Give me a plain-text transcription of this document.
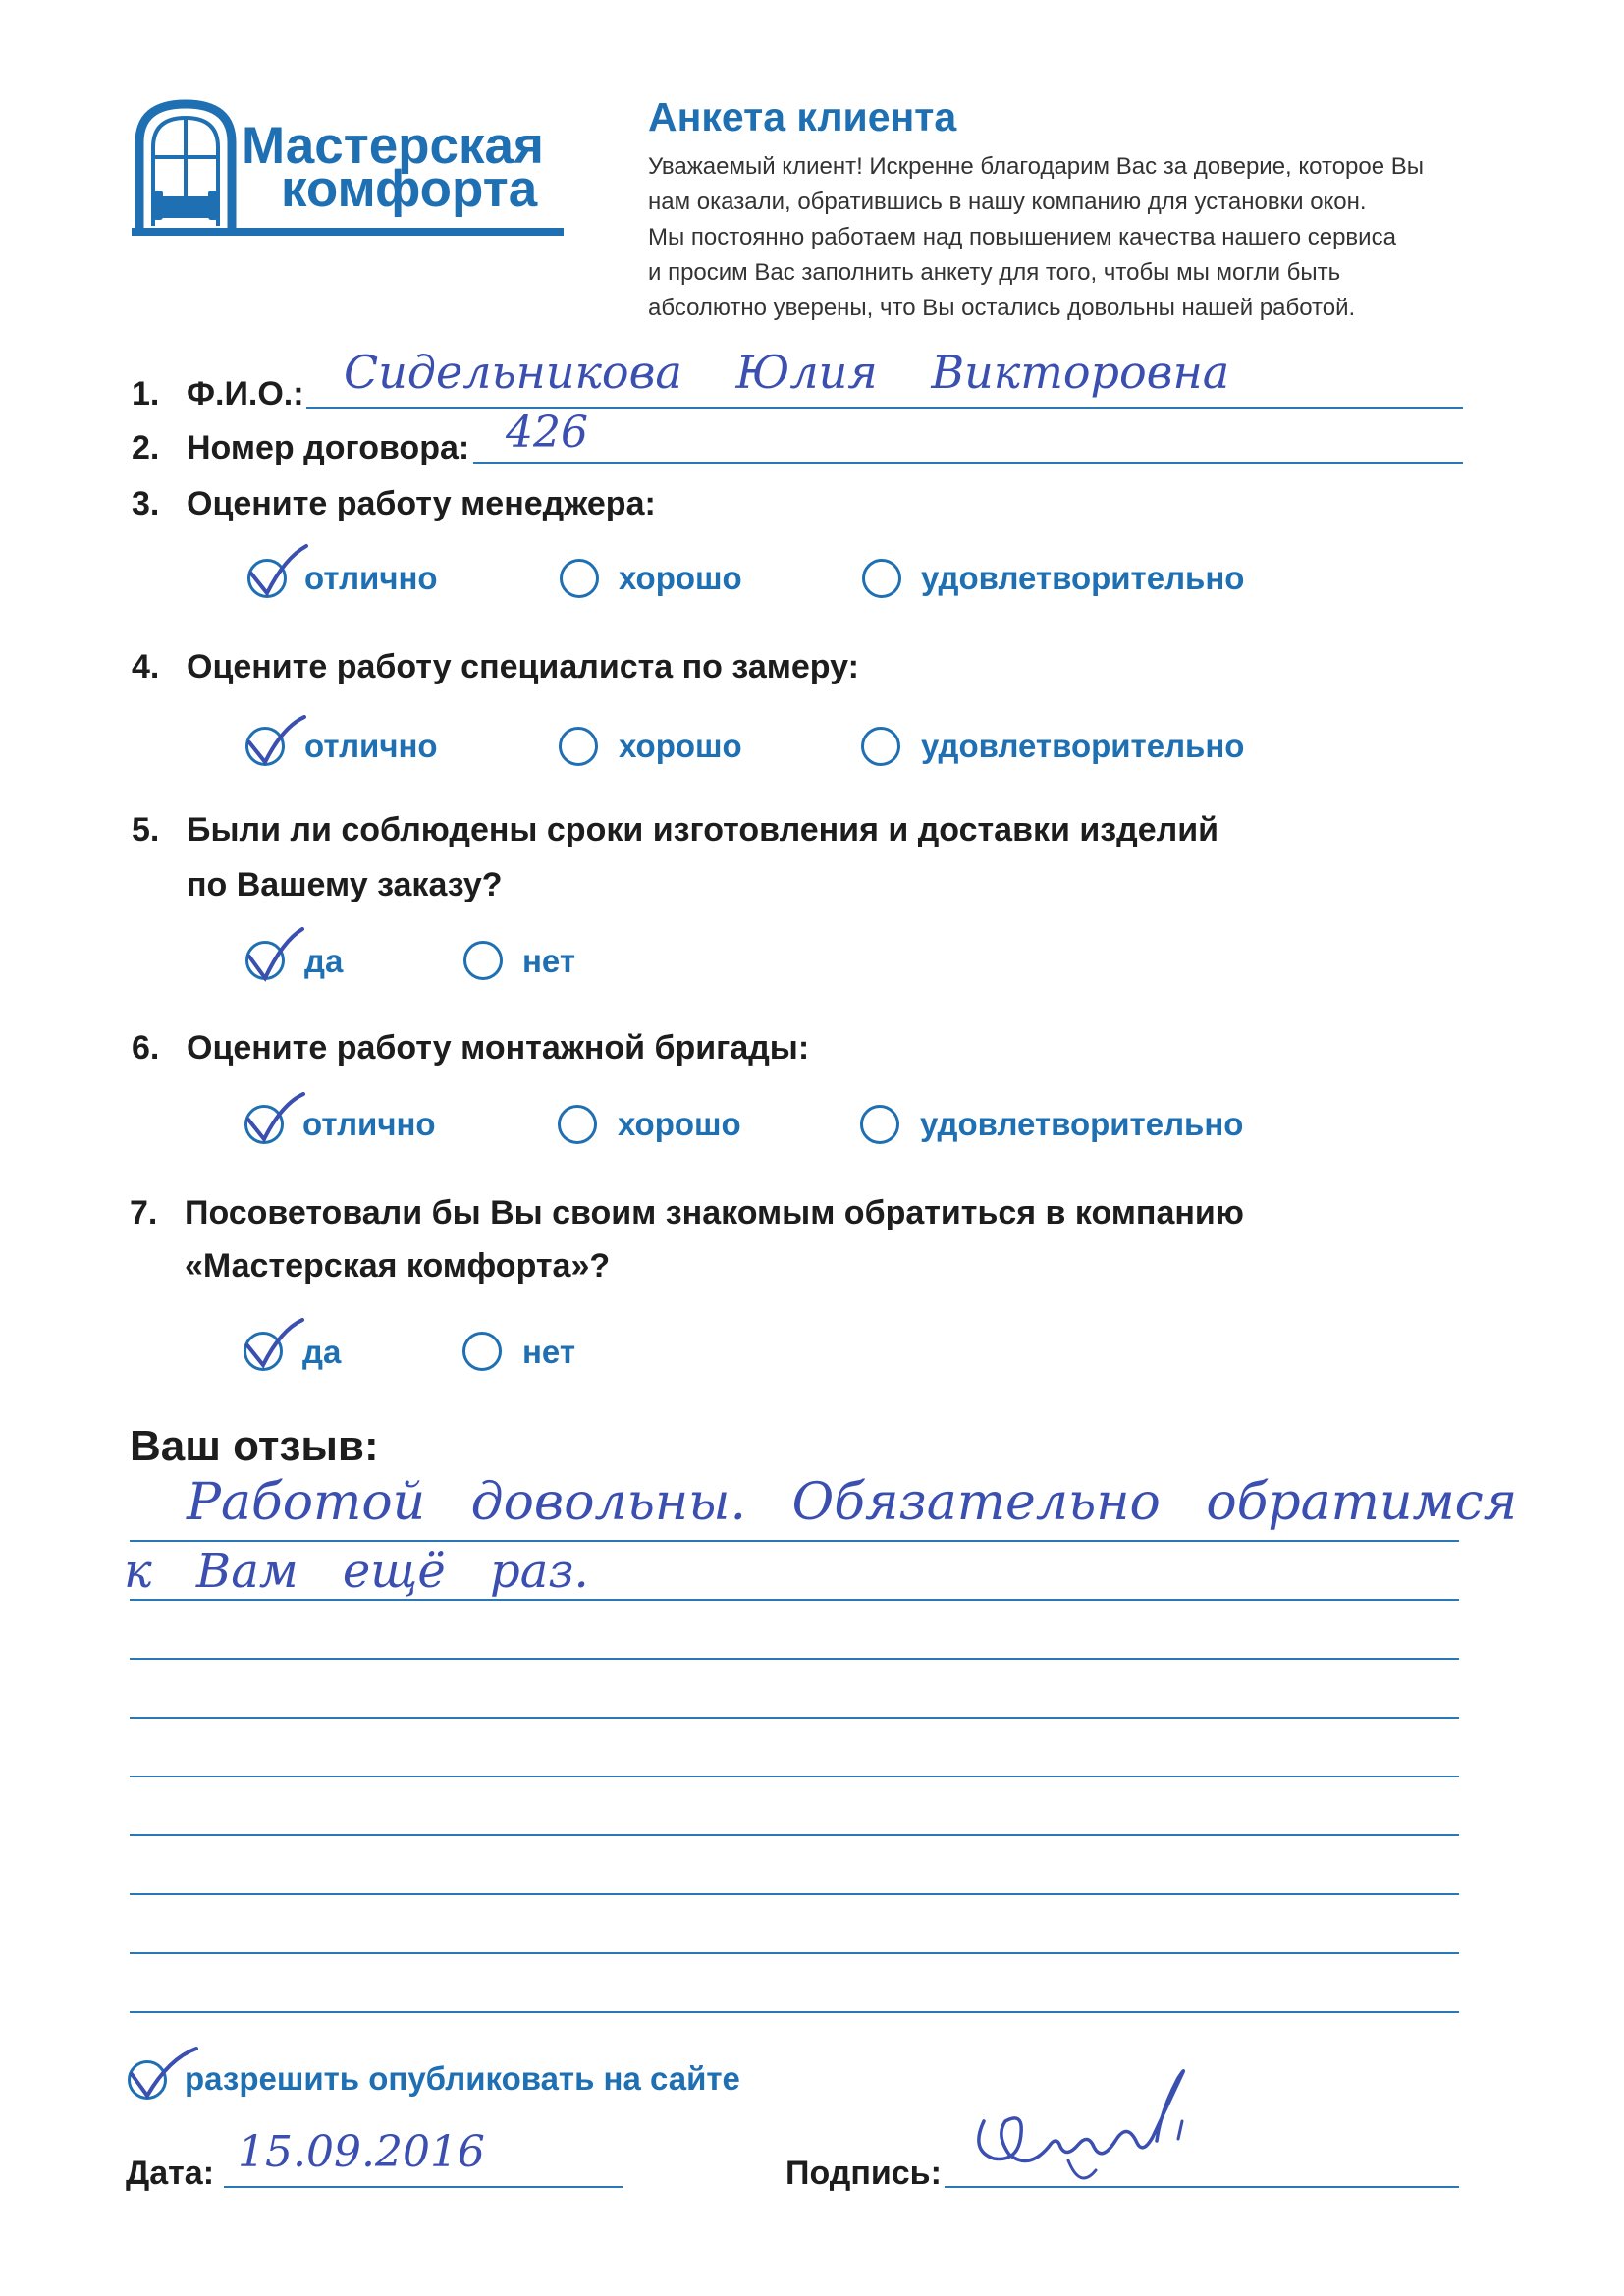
Мастерская
комфорта
Анкета клиента
Уважаемый клиент! Искренне благодарим Вас за доверие, которое Вы
нам оказали, обратившись в нашу компанию для установки окон.
Мы постоянно работаем над повышением качества нашего сервиса
и просим Вас заполнить анкету для того, чтобы мы могли быть
абсолютно уверены, что Вы остались довольны нашей работой.
1. Ф.И.О.: Сидельникова Юлия Викторовна
2. Номер договора: 426
3. Оцените работу менеджера:
отлично	хорошо	удовлетворительно
4. Оцените работу специалиста по замеру:
отлично	хорошо	удовлетворительно
5. Были ли соблюдены сроки изготовления и доставки изделий
по Вашему заказу?
да	нет
6. Оцените работу монтажной бригады:
отлично	хорошо	удовлетворительно
7. Посоветовали бы Вы своим знакомым обратиться в компанию
«Мастерская комфорта»?
да	нет
Ваш отзыв:
Работой довольны. Обязательно обратимся
к Вам ещё раз.
разрешить опубликовать на сайте
Дата: 15.09.2016	Подпись:
